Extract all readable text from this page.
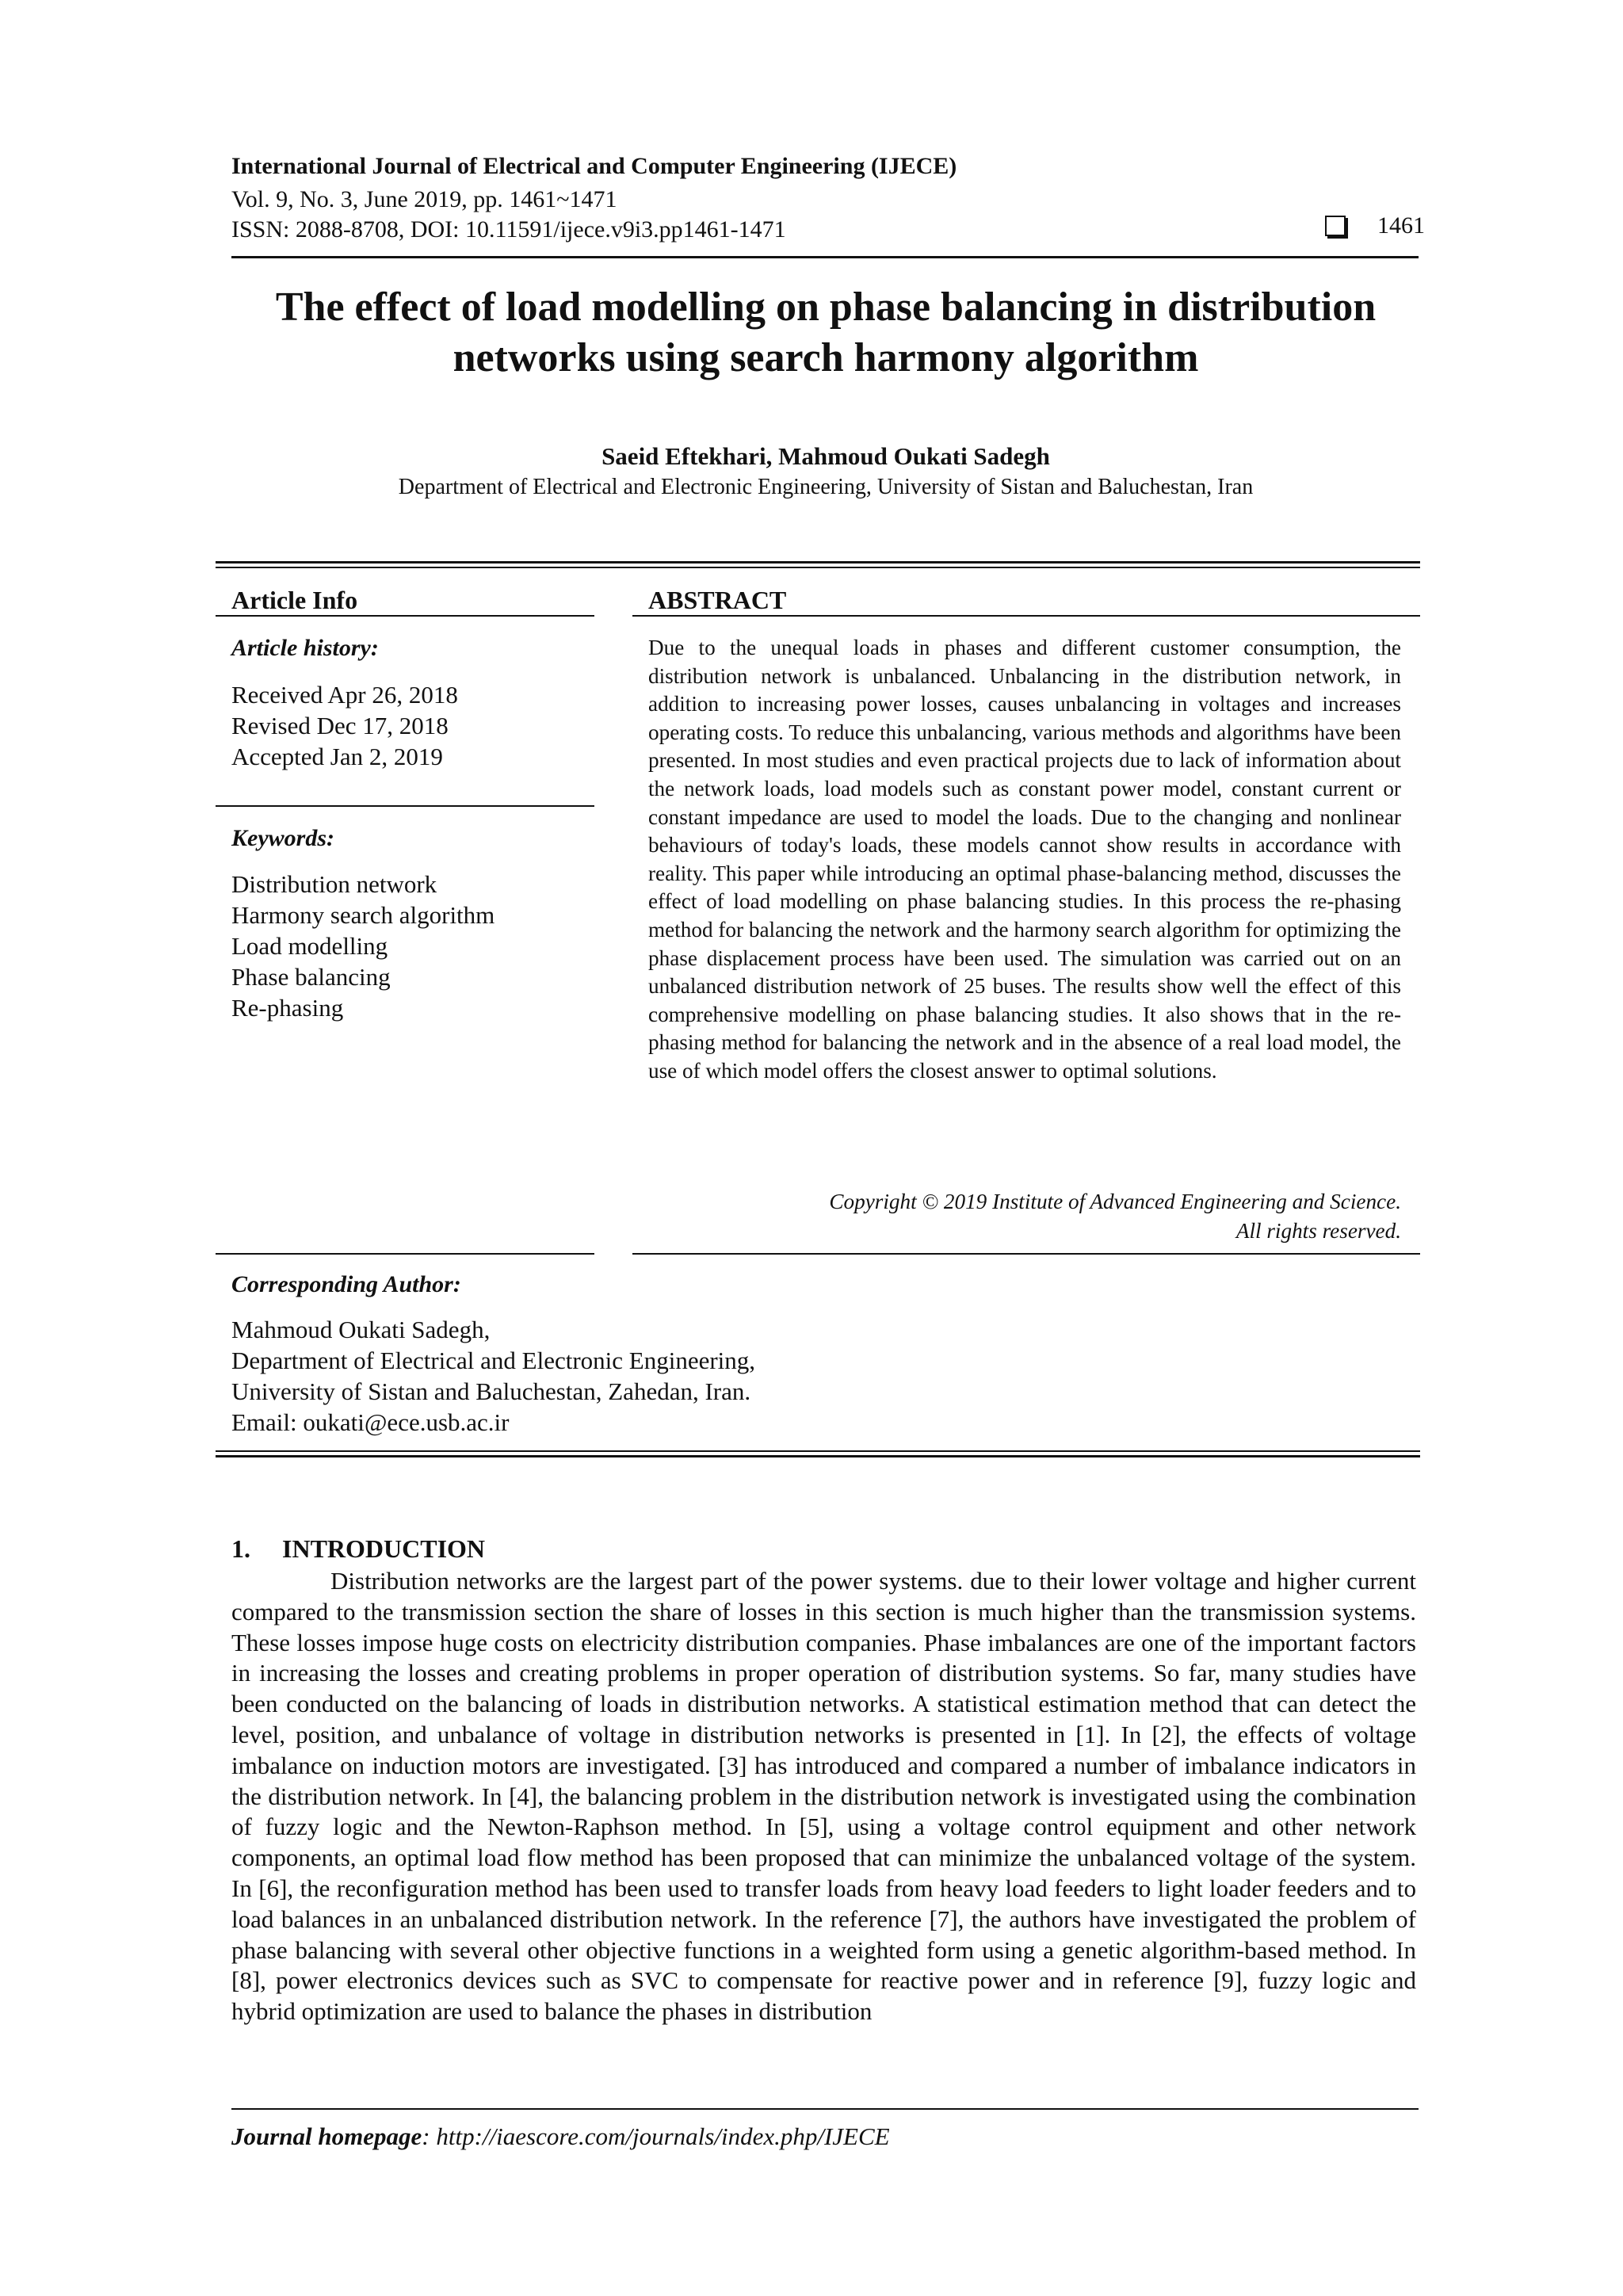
International Journal of Electrical and Computer Engineering (IJECE)
Vol. 9, No. 3, June 2019, pp. 1461~1471
ISSN: 2088-8708, DOI: 10.11591/ijece.v9i3.pp1461-1471	1461
The effect of load modelling on phase balancing in distribution
networks using search harmony algorithm
Saeid Eftekhari, Mahmoud Oukati Sadegh
Department of Electrical and Electronic Engineering, University of Sistan and Baluchestan, Iran
Article Info
Article history:
Received Apr 26, 2018
Revised Dec 17, 2018
Accepted Jan 2, 2019
Keywords:
Distribution network
Harmony search algorithm
Load modelling
Phase balancing
Re-phasing
ABSTRACT
Due to the unequal loads in phases and different customer consumption, the distribution network is unbalanced. Unbalancing in the distribution network, in addition to increasing power losses, causes unbalancing in voltages and increases operating costs. To reduce this unbalancing, various methods and algorithms have been presented. In most studies and even practical projects due to lack of information about the network loads, load models such as constant power model, constant current or constant impedance are used to model the loads. Due to the changing and nonlinear behaviours of today's loads, these models cannot show results in accordance with reality. This paper while introducing an optimal phase-balancing method, discusses the effect of load modelling on phase balancing studies. In this process the re-phasing method for balancing the network and the harmony search algorithm for optimizing the phase displacement process have been used. The simulation was carried out on an unbalanced distribution network of 25 buses. The results show well the effect of this comprehensive modelling on phase balancing studies. It also shows that in the re-phasing method for balancing the network and in the absence of a real load model, the use of which model offers the closest answer to optimal solutions.
Copyright © 2019 Institute of Advanced Engineering and Science.
All rights reserved.
Corresponding Author:
Mahmoud Oukati Sadegh,
Department of Electrical and Electronic Engineering,
University of Sistan and Baluchestan, Zahedan, Iran.
Email: oukati@ece.usb.ac.ir
1. INTRODUCTION
Distribution networks are the largest part of the power systems. due to their lower voltage and higher current compared to the transmission section the share of losses in this section is much higher than the transmission systems. These losses impose huge costs on electricity distribution companies. Phase imbalances are one of the important factors in increasing the losses and creating problems in proper operation of distribution systems. So far, many studies have been conducted on the balancing of loads in distribution networks. A statistical estimation method that can detect the level, position, and unbalance of voltage in distribution networks is presented in [1]. In [2], the effects of voltage imbalance on induction motors are investigated. [3] has introduced and compared a number of imbalance indicators in the distribution network. In [4], the balancing problem in the distribution network is investigated using the combination of fuzzy logic and the Newton-Raphson method. In [5], using a voltage control equipment and other network components, an optimal load flow method has been proposed that can minimize the unbalanced voltage of the system. In [6], the reconfiguration method has been used to transfer loads from heavy load feeders to light loader feeders and to load balances in an unbalanced distribution network. In the reference [7], the authors have investigated the problem of phase balancing with several other objective functions in a weighted form using a genetic algorithm-based method. In [8], power electronics devices such as SVC to compensate for reactive power and in reference [9], fuzzy logic and hybrid optimization are used to balance the phases in distribution
Journal homepage: http://iaescore.com/journals/index.php/IJECE
